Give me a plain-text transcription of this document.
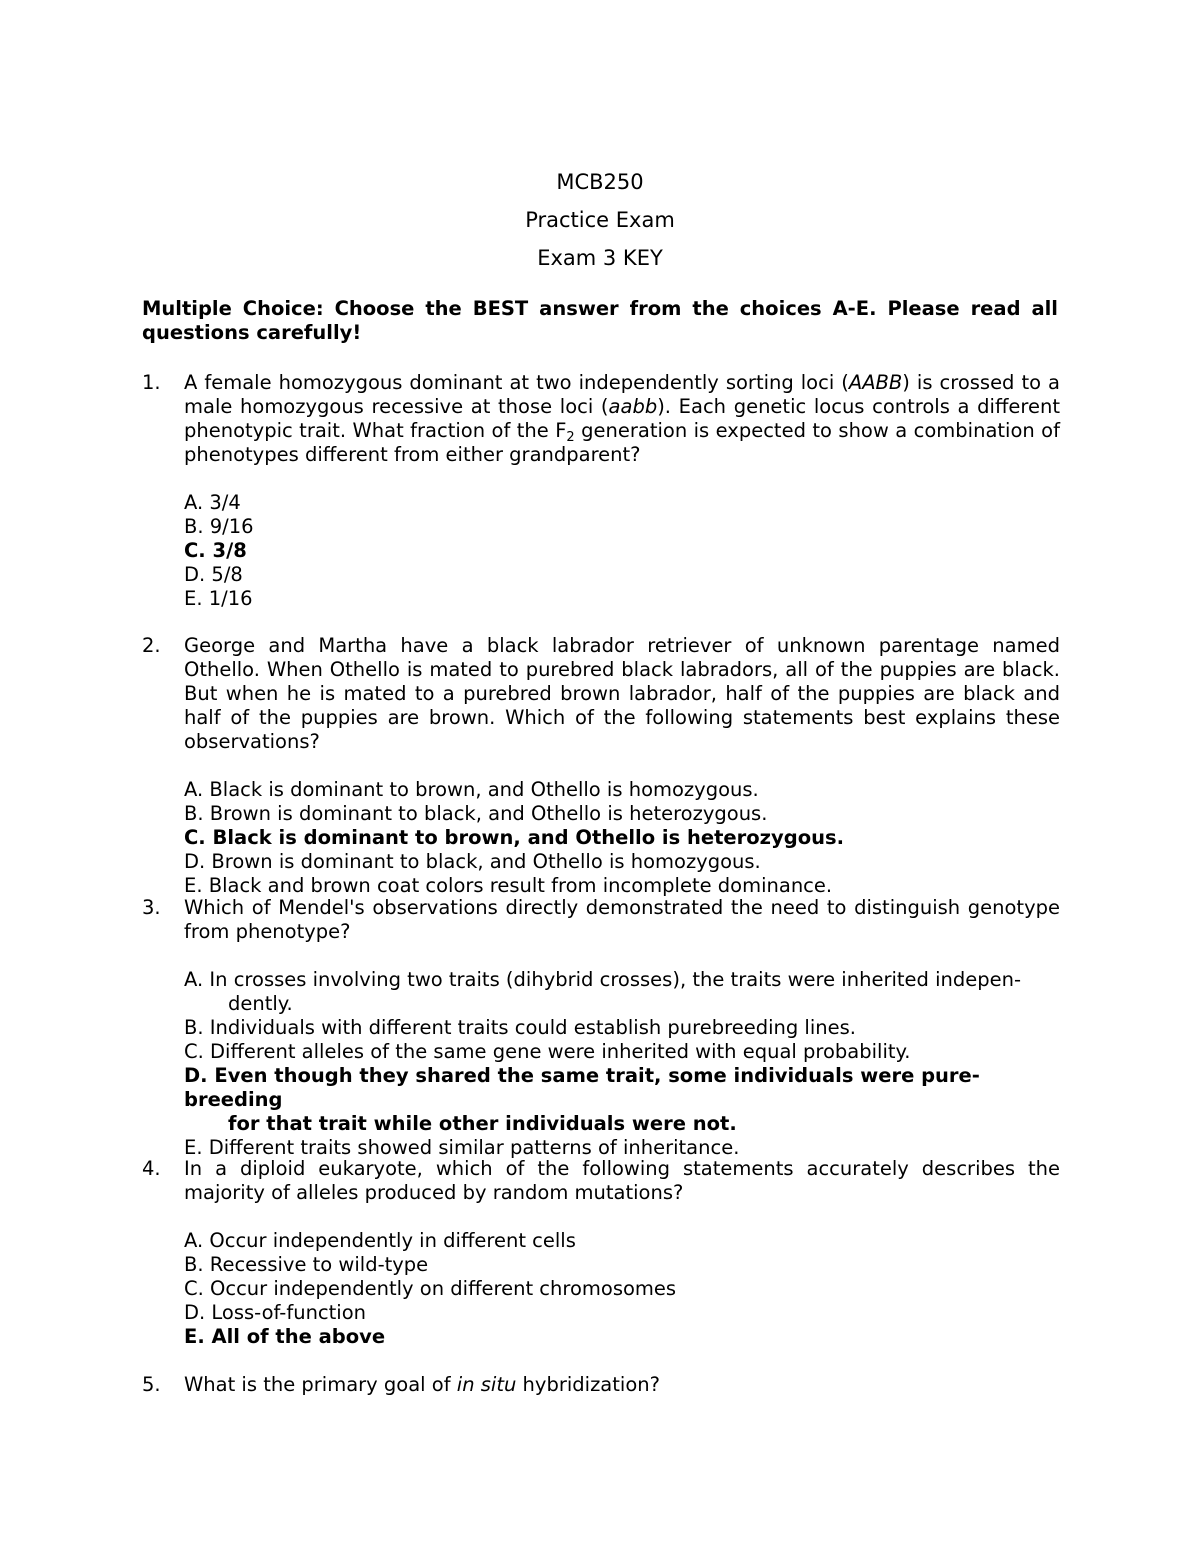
MCB250
Practice Exam
Exam 3 KEY
Multiple Choice: Choose the BEST answer from the choices A-E. Please read all questions carefully!
1. A female homozygous dominant at two independently sorting loci (AABB) is crossed to a male homozygous recessive at those loci (aabb). Each genetic locus controls a different phenotypic trait. What fraction of the $F_2$ generation is expected to show a combination of phenotypes different from either grandparent?
A. 3/4
B. 9/16
C. 3/8
D. 5/8
E. 1/16
2. George and Martha have a black labrador retriever of unknown parentage named Othello. When Othello is mated to purebred black labradors, all of the puppies are black. But when he is mated to a purebred brown labrador, half of the puppies are black and half of the puppies are brown. Which of the following statements best explains these observations?
A. Black is dominant to brown, and Othello is homozygous.
B. Brown is dominant to black, and Othello is heterozygous.
C. Black is dominant to brown, and Othello is heterozygous.
D. Brown is dominant to black, and Othello is homozygous.
E. Black and brown coat colors result from incomplete dominance.
3. Which of Mendel's observations directly demonstrated the need to distinguish genotype from phenotype?
A. In crosses involving two traits (dihybrid crosses), the traits were inherited indepen-
dently.
B. Individuals with different traits could establish purebreeding lines.
C. Different alleles of the same gene were inherited with equal probability.
D. Even though they shared the same trait, some individuals were pure-breeding
for that trait while other individuals were not.
E. Different traits showed similar patterns of inheritance.
4. In a diploid eukaryote, which of the following statements accurately describes the majority of alleles produced by random mutations?
A. Occur independently in different cells
B. Recessive to wild-type
C. Occur independently on different chromosomes
D. Loss-of-function
E. All of the above
5. What is the primary goal of in situ hybridization?
